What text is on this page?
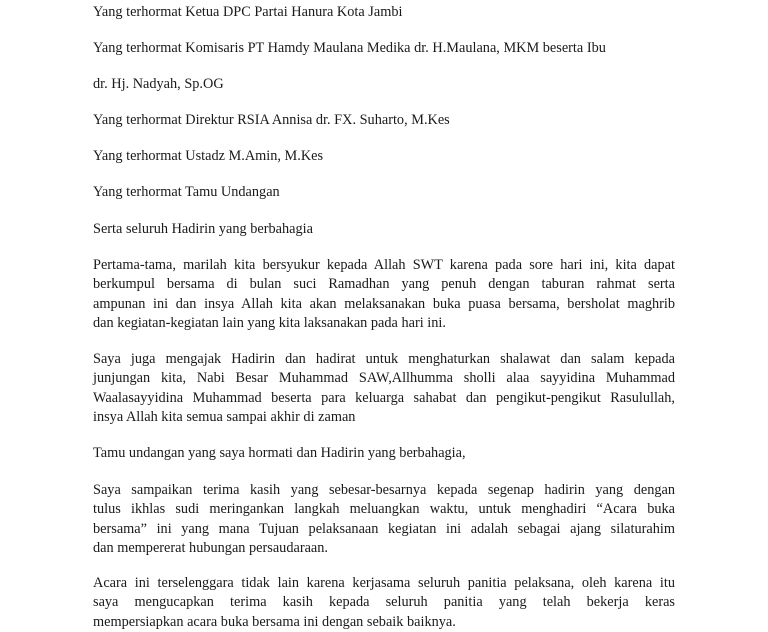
Yang terhormat Ketua DPC Partai Hanura Kota Jambi
Yang terhormat Komisaris PT Hamdy Maulana Medika dr. H.Maulana, MKM beserta Ibu
dr. Hj. Nadyah, Sp.OG
Yang terhormat Direktur RSIA Annisa dr. FX. Suharto, M.Kes
Yang terhormat Ustadz M.Amin, M.Kes
Yang terhormat Tamu Undangan
Serta seluruh Hadirin yang berbahagia
Pertama-tama, marilah kita bersyukur kepada Allah SWT karena pada sore hari ini, kita dapat
berkumpul bersama di bulan suci Ramadhan yang penuh dengan taburan rahmat serta
ampunan ini dan insya Allah kita akan melaksanakan buka puasa bersama, bersholat maghrib
dan kegiatan-kegiatan lain yang kita laksanakan pada hari ini.
Saya juga mengajak Hadirin dan hadirat untuk menghaturkan shalawat dan salam kepada
junjungan kita, Nabi Besar Muhammad SAW,Allhumma sholli alaa sayyidina Muhammad
Waalasayyidina Muhammad beserta para keluarga sahabat dan pengikut-pengikut Rasulullah,
insya Allah kita semua sampai akhir di zaman
Tamu undangan yang saya hormati dan Hadirin yang berbahagia,
Saya sampaikan terima kasih yang sebesar-besarnya kepada segenap hadirin yang dengan
tulus ikhlas sudi meringankan langkah meluangkan waktu, untuk menghadiri “Acara buka
bersama” ini yang mana Tujuan pelaksanaan kegiatan ini adalah sebagai ajang silaturahim
dan mempererat hubungan persaudaraan.
Acara ini terselenggara tidak lain karena kerjasama seluruh panitia pelaksana, oleh karena itu
saya mengucapkan terima kasih kepada seluruh panitia yang telah bekerja keras
mempersiapkan acara buka bersama ini dengan sebaik baiknya.
